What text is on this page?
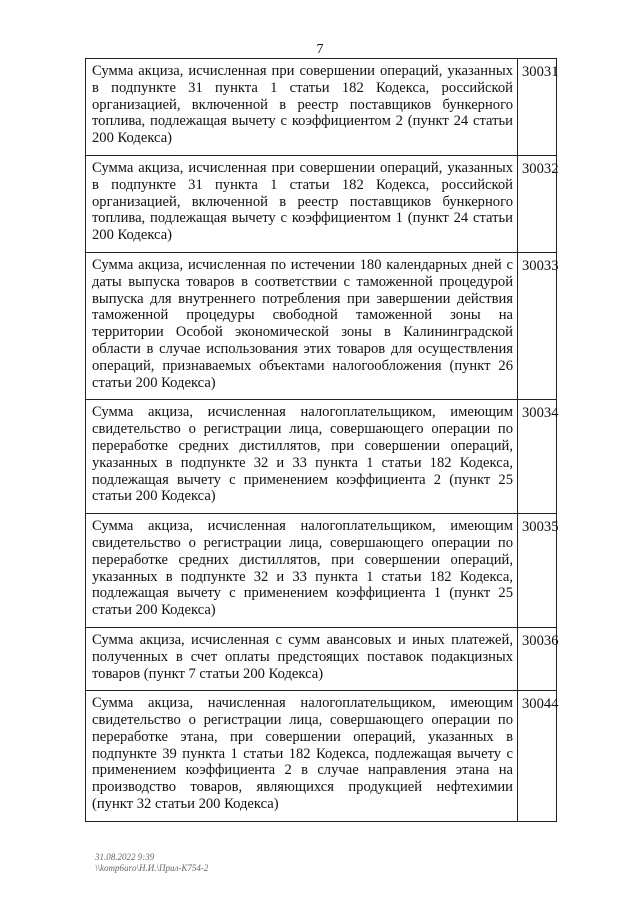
7
Сумма акциза, исчисленная при совершении операций, указанных в подпункте 31 пункта 1 статьи 182 Кодекса, российской организацией, включенной в реестр поставщиков бункерного топлива, подлежащая вычету с коэффициентом 2 (пункт 24 статьи 200 Кодекса)	30031
Сумма акциза, исчисленная при совершении операций, указанных в подпункте 31 пункта 1 статьи 182 Кодекса, российской организацией, включенной в реестр поставщиков бункерного топлива, подлежащая вычету с коэффициентом 1 (пункт 24 статьи 200 Кодекса)	30032
Сумма акциза, исчисленная по истечении 180 календарных дней с даты выпуска товаров в соответствии с таможенной процедурой выпуска для внутреннего потребления при завершении действия таможенной процедуры свободной таможенной зоны на территории Особой экономической зоны в Калининградской области в случае использования этих товаров для осуществления операций, признаваемых объектами налогообложения (пункт 26 статьи 200 Кодекса)	30033
Сумма акциза, исчисленная налогоплательщиком, имеющим свидетельство о регистрации лица, совершающего операции по переработке средних дистиллятов, при совершении операций, указанных в подпункте 32 и 33 пункта 1 статьи 182 Кодекса, подлежащая вычету с применением коэффициента 2 (пункт 25 статьи 200 Кодекса)	30034
Сумма акциза, исчисленная налогоплательщиком, имеющим свидетельство о регистрации лица, совершающего операции по переработке средних дистиллятов, при совершении операций, указанных в подпункте 32 и 33 пункта 1 статьи 182 Кодекса, подлежащая вычету с применением коэффициента 1 (пункт 25 статьи 200 Кодекса)	30035
Сумма акциза, исчисленная с сумм авансовых и иных платежей, полученных в счет оплаты предстоящих поставок подакцизных товаров (пункт 7 статьи 200 Кодекса)	30036
Сумма акциза, начисленная налогоплательщиком, имеющим свидетельство о регистрации лица, совершающего операции по переработке этана, при совершении операций, указанных в подпункте 39 пункта 1 статьи 182 Кодекса, подлежащая вычету с применением коэффициента 2 в случае направления этана на производство товаров, являющихся продукцией нефтехимии (пункт 32 статьи 200 Кодекса)	30044
31.08.2022 9:39
\\komp6urо\Н.И.\Прил-К754-2
